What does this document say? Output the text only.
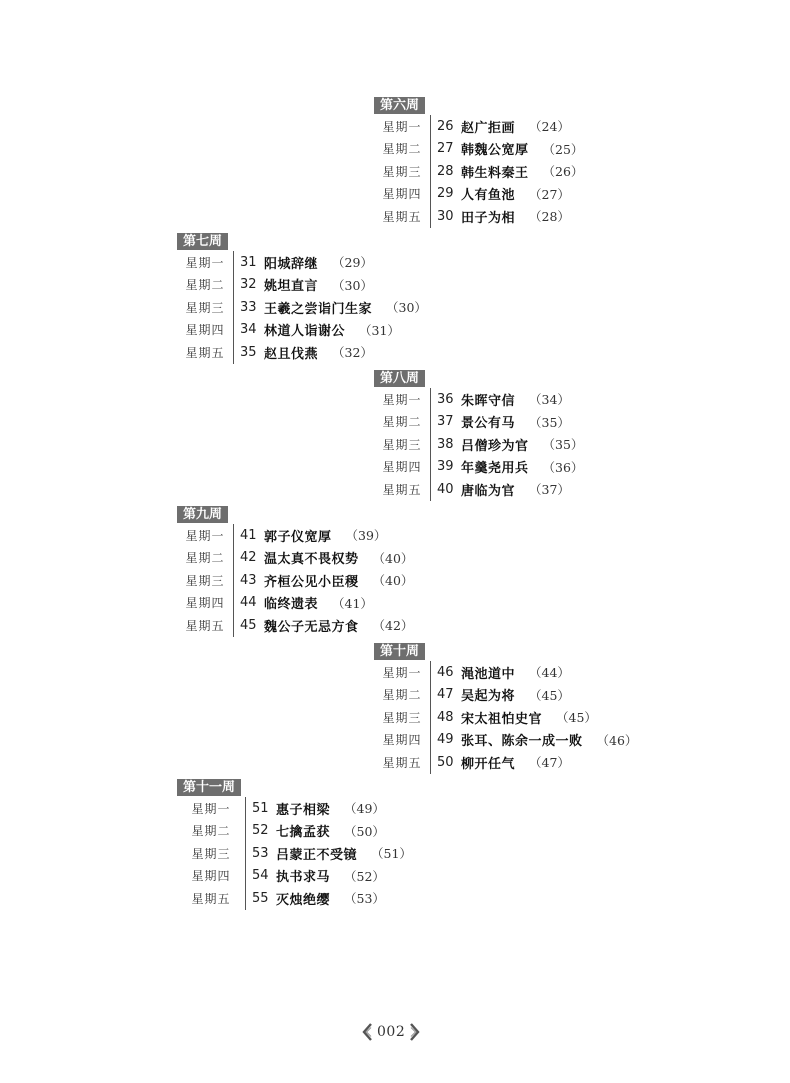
第六周
星期一	26 赵广拒画 （24）
星期二	27 韩魏公宽厚 （25）
星期三	28 韩生料秦王 （26）
星期四	29 人有鱼池 （27）
星期五	30 田子为相 （28）
第七周
星期一	31 阳城辞继 （29）
星期二	32 姚坦直言 （30）
星期三	33 王羲之尝诣门生家 （30）
星期四	34 林道人诣谢公 （31）
星期五	35 赵且伐燕 （32）
第八周
星期一	36 朱晖守信 （34）
星期二	37 景公有马 （35）
星期三	38 吕僧珍为官 （35）
星期四	39 年羹尧用兵 （36）
星期五	40 唐临为官 （37）
第九周
星期一	41 郭子仪宽厚 （39）
星期二	42 温太真不畏权势 （40）
星期三	43 齐桓公见小臣稷 （40）
星期四	44 临终遗表 （41）
星期五	45 魏公子无忌方食 （42）
第十周
星期一	46 渑池道中 （44）
星期二	47 吴起为将 （45）
星期三	48 宋太祖怕史官 （45）
星期四	49 张耳、陈余一成一败 （46）
星期五	50 柳开任气 （47）
第十一周
星期一	51 惠子相梁 （49）
星期二	52 七擒孟获 （50）
星期三	53 吕蒙正不受镜 （51）
星期四	54 执书求马 （52）
星期五	55 灭烛绝缨 （53）
002
